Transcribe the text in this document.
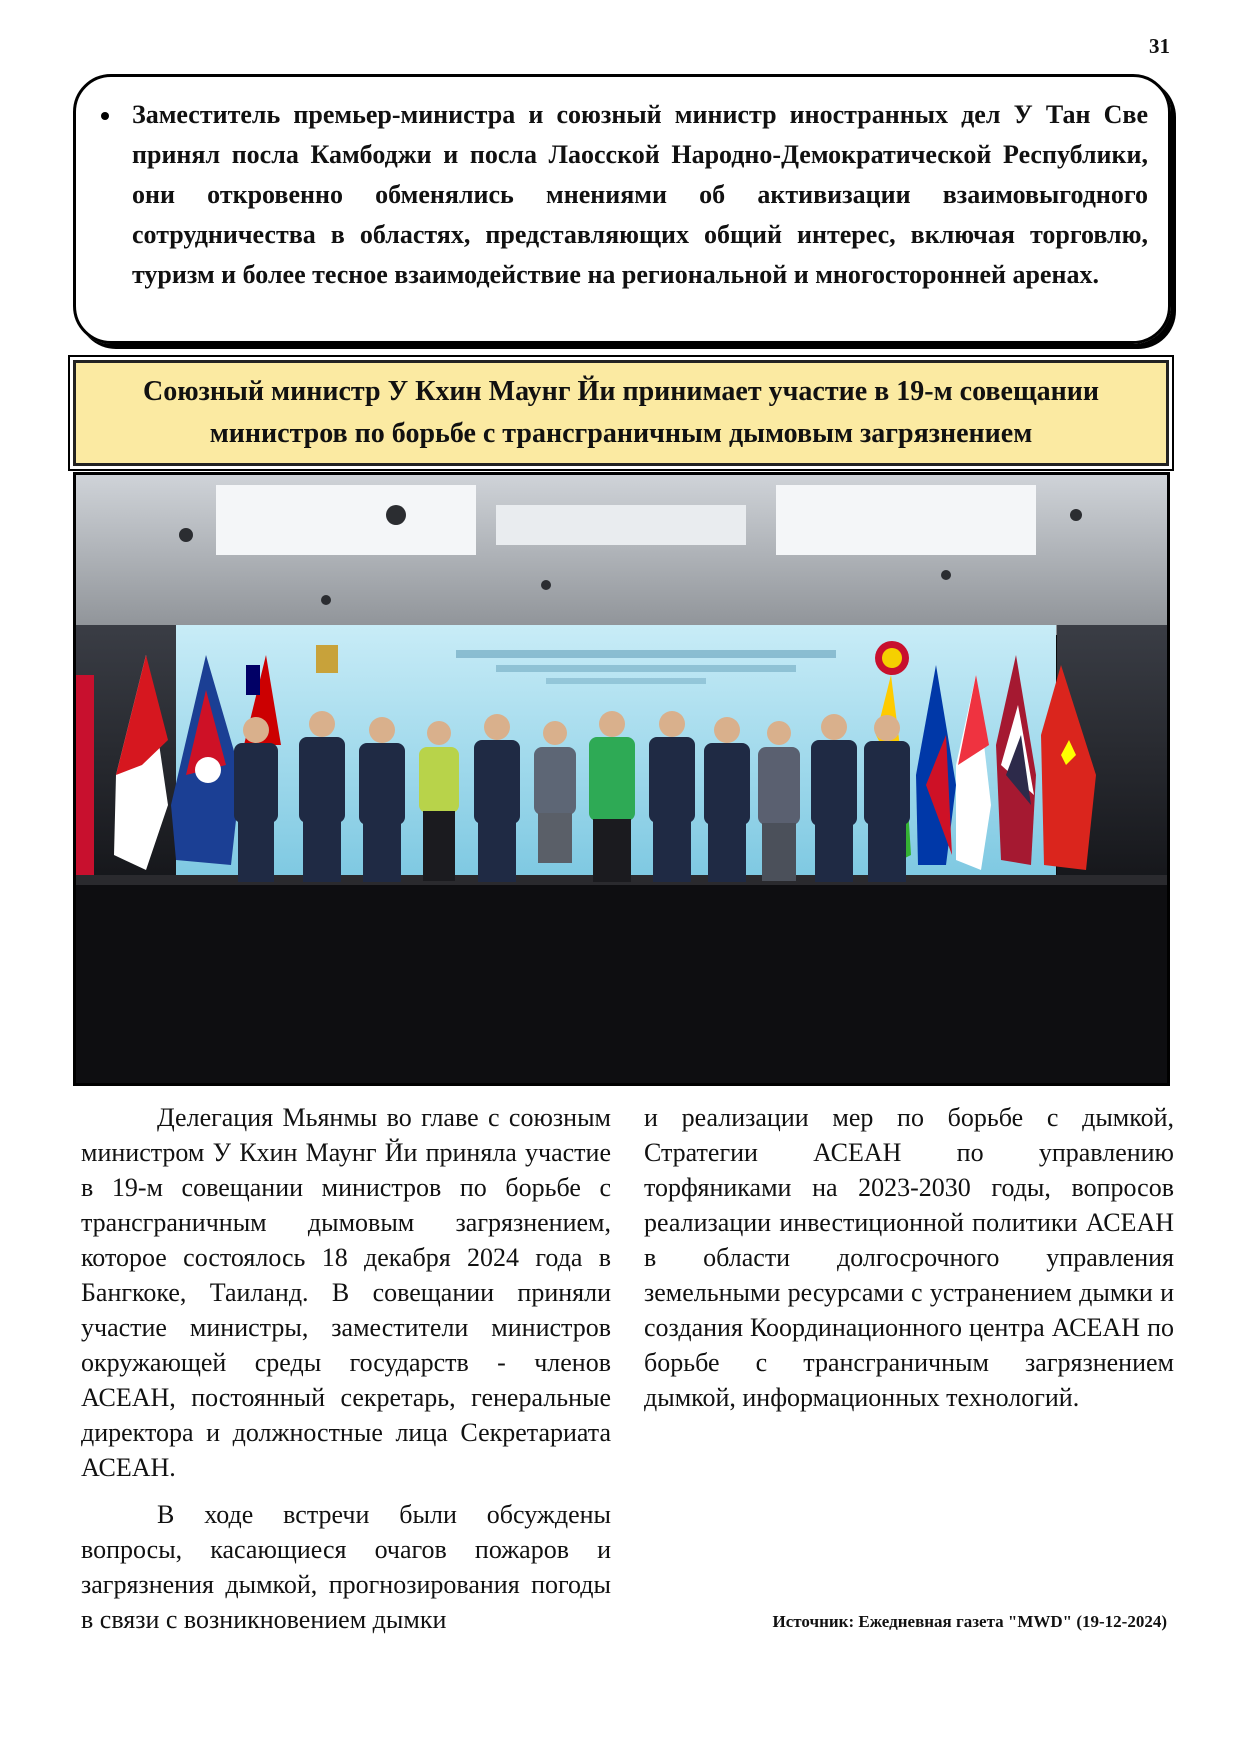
31

Заместитель премьер-министра и союзный министр иностранных дел У Тан Све принял посла Камбоджи и посла Лаосской Народно-Демократической Республики, они откровенно обменялись мнениями об активизации взаимовыгодного сотрудничества в областях, представляющих общий интерес, включая торговлю, туризм и более тесное взаимодействие на региональной и многосторонней аренах.

Союзный министр У Кхин Маунг Йи принимает участие в 19-м совещании
министров по борьбе с трансграничным дымовым загрязнением

Делегация Мьянмы во главе с союзным министром У Кхин Маунг Йи приняла участие в 19-м совещании министров по борьбе с трансграничным дымовым загрязнением, которое состоялось 18 декабря 2024 года в Бангкоке, Таиланд. В совещании приняли участие министры, заместители министров окружающей среды государств - членов АСЕАН, постоянный секретарь, генеральные директора и должностные лица Секретариата АСЕАН.

В ходе встречи были обсуждены вопросы, касающиеся очагов пожаров и загрязнения дымкой, прогнозирования погоды в связи с возникновением дымки

и реализации мер по борьбе с дымкой, Стратегии АСЕАН по управлению торфяниками на 2023-2030 годы, вопросов реализации инвестиционной политики АСЕАН в области долгосрочного управления земельными ресурсами с устранением дымки и создания Координационного центра АСЕАН по борьбе с трансграничным загрязнением дымкой, информационных технологий.

Источник: Ежедневная газета "MWD" (19-12-2024)
